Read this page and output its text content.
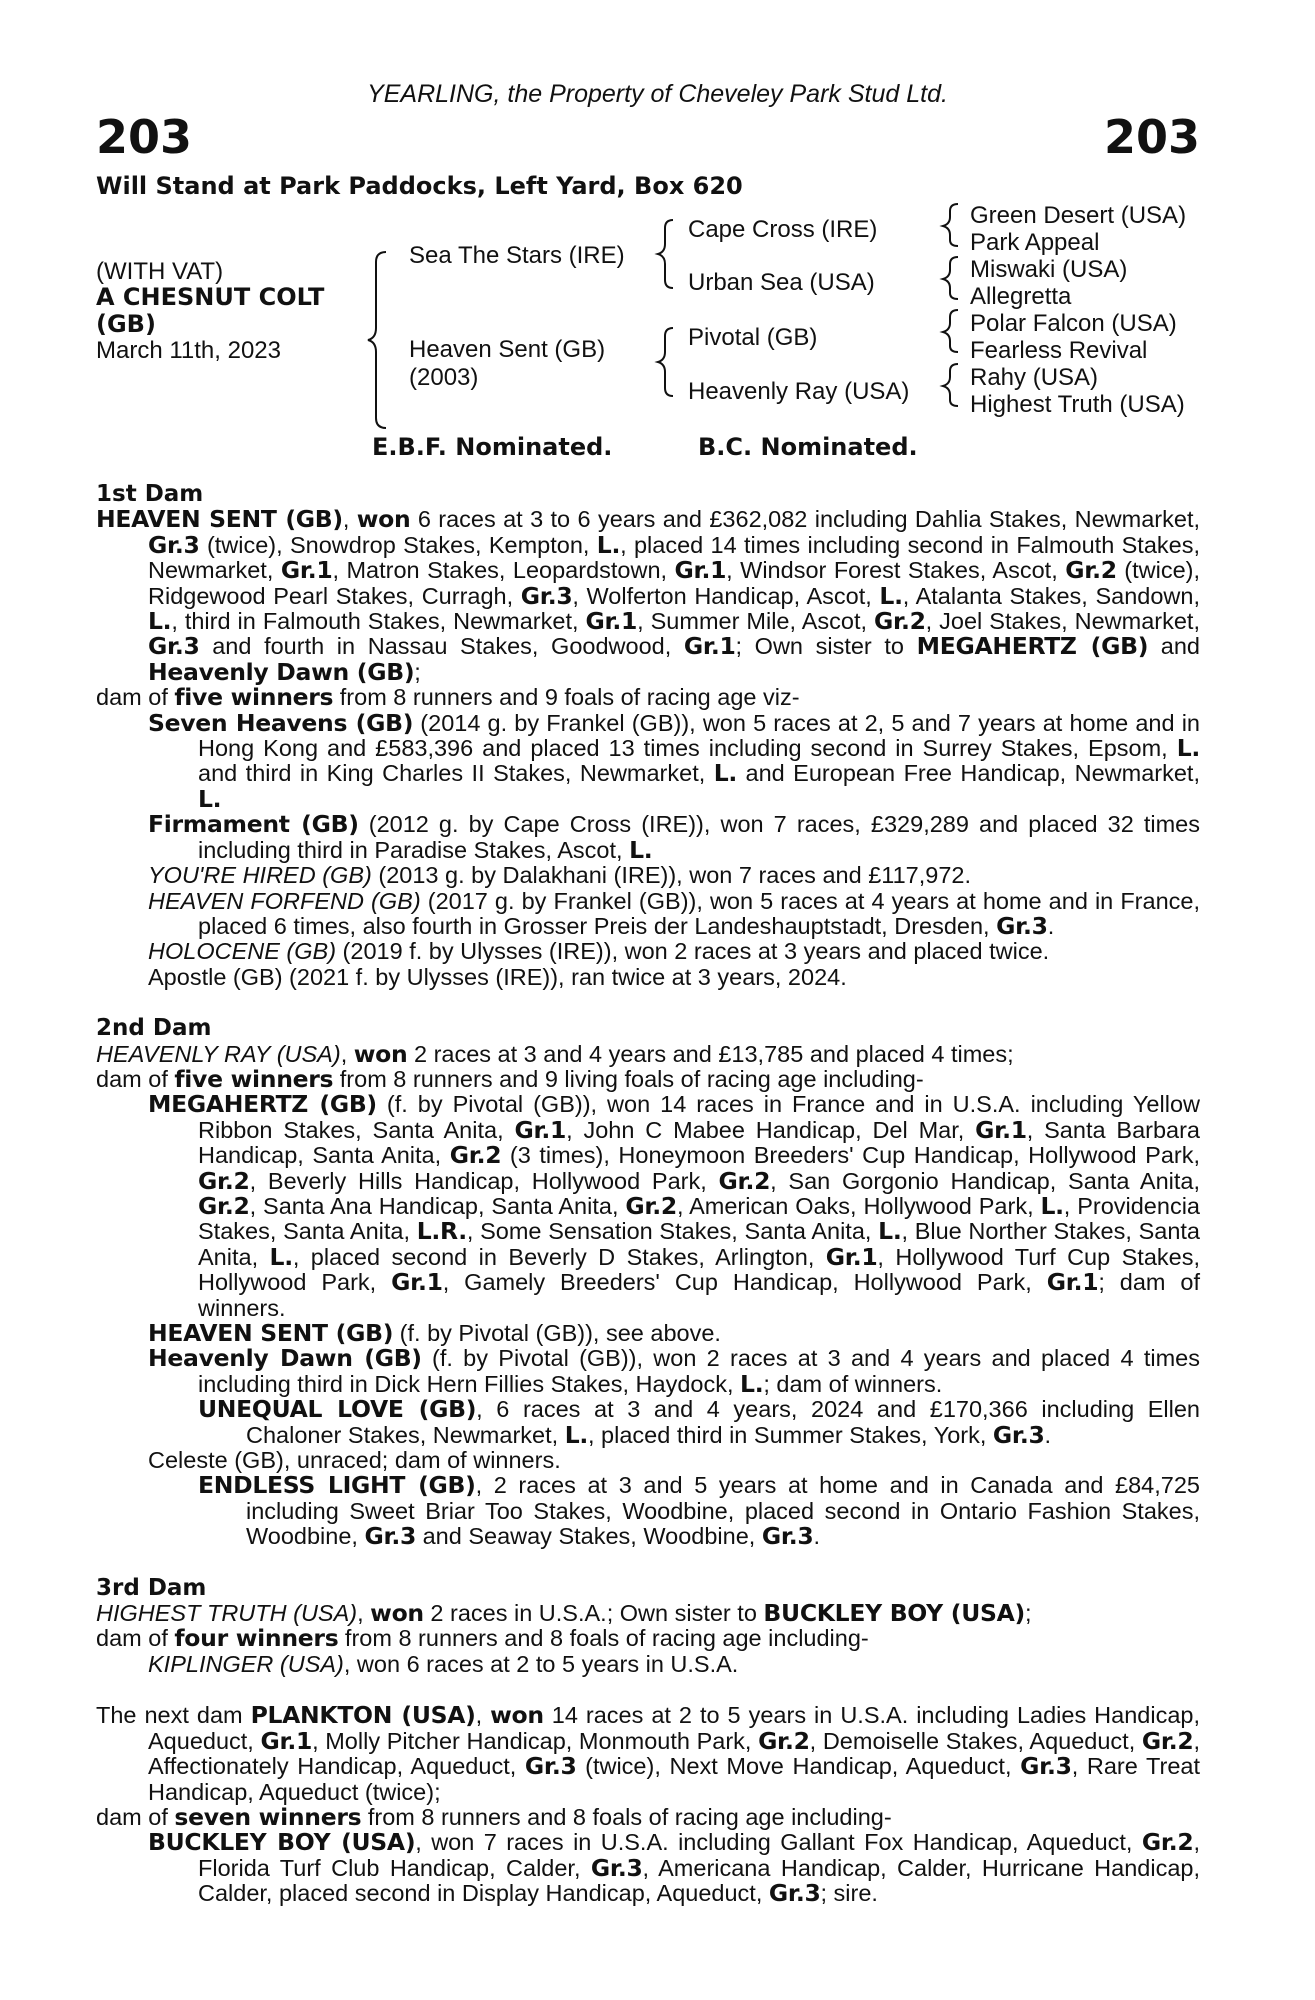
YEARLING, the Property of Cheveley Park Stud Ltd.
203	203
Will Stand at Park Paddocks, Left Yard, Box 620
(WITH VAT)
A CHESNUT COLT
(GB)
March 11th, 2023
Sea The Stars (IRE)
Heaven Sent (GB)
(2003)
Cape Cross (IRE)
Urban Sea (USA)
Pivotal (GB)
Heavenly Ray (USA)
Green Desert (USA)
Park Appeal
Miswaki (USA)
Allegretta
Polar Falcon (USA)
Fearless Revival
Rahy (USA)
Highest Truth (USA)
E.B.F. Nominated.	B.C. Nominated.

1st Dam

HEAVEN SENT (GB), won 6 races at 3 to 6 years and £362,082 including Dahlia Stakes, Newmarket, Gr.3 (twice), Snowdrop Stakes, Kempton, L., placed 14 times including second in Falmouth Stakes, Newmarket, Gr.1, Matron Stakes, Leopardstown, Gr.1, Windsor Forest Stakes, Ascot, Gr.2 (twice), Ridgewood Pearl Stakes, Curragh, Gr.3, Wolferton Handicap, Ascot, L., Atalanta Stakes, Sandown, L., third in Falmouth Stakes, Newmarket, Gr.1, Summer Mile, Ascot, Gr.2, Joel Stakes, Newmarket, Gr.3 and fourth in Nassau Stakes, Goodwood, Gr.1; Own sister to MEGAHERTZ (GB) and Heavenly Dawn (GB);

dam of five winners from 8 runners and 9 foals of racing age viz-

Seven Heavens (GB) (2014 g. by Frankel (GB)), won 5 races at 2, 5 and 7 years at home and in Hong Kong and £583,396 and placed 13 times including second in Surrey Stakes, Epsom, L. and third in King Charles II Stakes, Newmarket, L. and European Free Handicap, Newmarket, L.

Firmament (GB) (2012 g. by Cape Cross (IRE)), won 7 races, £329,289 and placed 32 times including third in Paradise Stakes, Ascot, L.

YOU'RE HIRED (GB) (2013 g. by Dalakhani (IRE)), won 7 races and £117,972.

HEAVEN FORFEND (GB) (2017 g. by Frankel (GB)), won 5 races at 4 years at home and in France, placed 6 times, also fourth in Grosser Preis der Landeshauptstadt, Dresden, Gr.3.

HOLOCENE (GB) (2019 f. by Ulysses (IRE)), won 2 races at 3 years and placed twice.

Apostle (GB) (2021 f. by Ulysses (IRE)), ran twice at 3 years, 2024.

2nd Dam

HEAVENLY RAY (USA), won 2 races at 3 and 4 years and £13,785 and placed 4 times;

dam of five winners from 8 runners and 9 living foals of racing age including-

MEGAHERTZ (GB) (f. by Pivotal (GB)), won 14 races in France and in U.S.A. including Yellow Ribbon Stakes, Santa Anita, Gr.1, John C Mabee Handicap, Del Mar, Gr.1, Santa Barbara Handicap, Santa Anita, Gr.2 (3 times), Honeymoon Breeders' Cup Handicap, Hollywood Park, Gr.2, Beverly Hills Handicap, Hollywood Park, Gr.2, San Gorgonio Handicap, Santa Anita, Gr.2, Santa Ana Handicap, Santa Anita, Gr.2, American Oaks, Hollywood Park, L., Providencia Stakes, Santa Anita, L.R., Some Sensation Stakes, Santa Anita, L., Blue Norther Stakes, Santa Anita, L., placed second in Beverly D Stakes, Arlington, Gr.1, Hollywood Turf Cup Stakes, Hollywood Park, Gr.1, Gamely Breeders' Cup Handicap, Hollywood Park, Gr.1; dam of winners.

HEAVEN SENT (GB) (f. by Pivotal (GB)), see above.

Heavenly Dawn (GB) (f. by Pivotal (GB)), won 2 races at 3 and 4 years and placed 4 times including third in Dick Hern Fillies Stakes, Haydock, L.; dam of winners.

UNEQUAL LOVE (GB), 6 races at 3 and 4 years, 2024 and £170,366 including Ellen Chaloner Stakes, Newmarket, L., placed third in Summer Stakes, York, Gr.3.

Celeste (GB), unraced; dam of winners.

ENDLESS LIGHT (GB), 2 races at 3 and 5 years at home and in Canada and £84,725 including Sweet Briar Too Stakes, Woodbine, placed second in Ontario Fashion Stakes, Woodbine, Gr.3 and Seaway Stakes, Woodbine, Gr.3.

3rd Dam

HIGHEST TRUTH (USA), won 2 races in U.S.A.; Own sister to BUCKLEY BOY (USA);

dam of four winners from 8 runners and 8 foals of racing age including-

KIPLINGER (USA), won 6 races at 2 to 5 years in U.S.A.

The next dam PLANKTON (USA), won 14 races at 2 to 5 years in U.S.A. including Ladies Handicap, Aqueduct, Gr.1, Molly Pitcher Handicap, Monmouth Park, Gr.2, Demoiselle Stakes, Aqueduct, Gr.2, Affectionately Handicap, Aqueduct, Gr.3 (twice), Next Move Handicap, Aqueduct, Gr.3, Rare Treat Handicap, Aqueduct (twice);

dam of seven winners from 8 runners and 8 foals of racing age including-

BUCKLEY BOY (USA), won 7 races in U.S.A. including Gallant Fox Handicap, Aqueduct, Gr.2, Florida Turf Club Handicap, Calder, Gr.3, Americana Handicap, Calder, Hurricane Handicap, Calder, placed second in Display Handicap, Aqueduct, Gr.3; sire.
